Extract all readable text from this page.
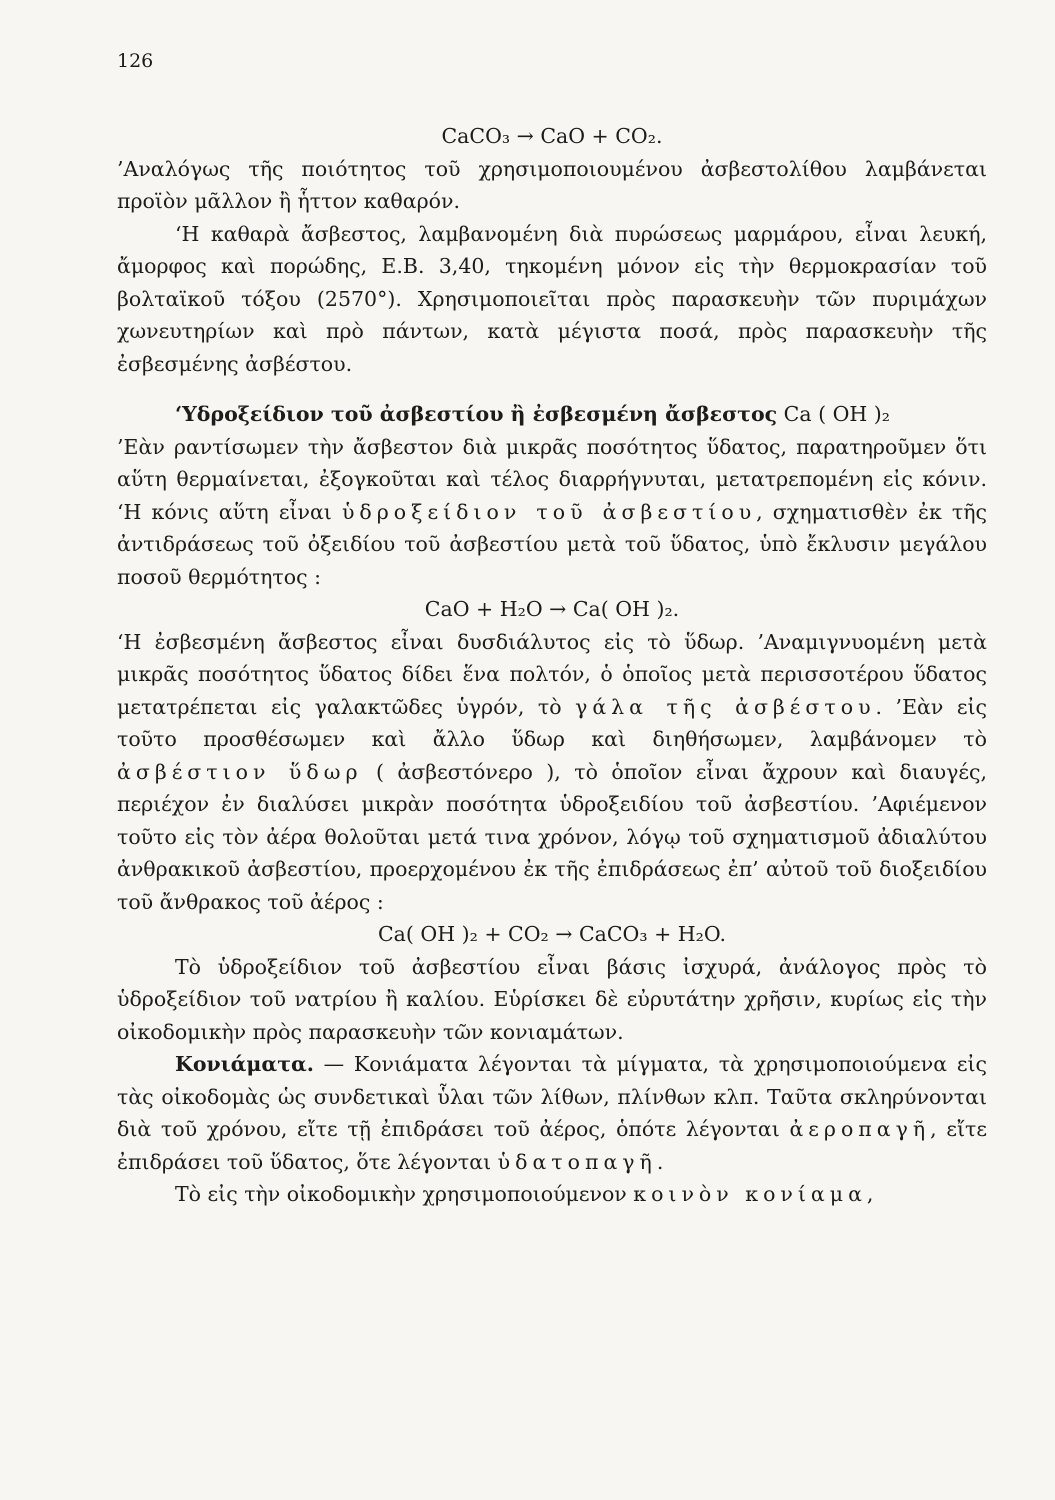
126

CaCO₃ → CaO + CO₂.

’Αναλόγως τῆς ποιότητος τοῦ χρησιμοποιουμένου ἀσβεστολίθου λαμβάνεται προϊὸν μᾶλλον ἢ ἧττον καθαρόν.

‘Η καθαρὰ ἄσβεστος, λαμβανομένη διὰ πυρώσεως μαρμάρου, εἶναι λευκή, ἄμορφος καὶ πορώδης, Ε.Β. 3,40, τηκομένη μόνον εἰς τὴν θερμοκρασίαν τοῦ βολταϊκοῦ τόξου (2570°). Χρησιμοποιεῖται πρὸς παρασκευὴν τῶν πυριμάχων χωνευτηρίων καὶ πρὸ πάντων, κατὰ μέγιστα ποσά, πρὸς παρασκευὴν τῆς ἐσβεσμένης ἀσβέστου.

‘Υδροξείδιον τοῦ ἀσβεστίου ἢ ἐσβεσμένη ἄσβεστος Ca ( OH )₂

’Εὰν ραντίσωμεν τὴν ἄσβεστον διὰ μικρᾶς ποσότητος ὕδατος, παρατηροῦμεν ὅτι αὕτη θερμαίνεται, ἐξογκοῦται καὶ τέλος διαρρήγνυται, μετατρεπομένη εἰς κόνιν. ‘Η κόνις αὕτη εἶναι ὑδροξείδιον τοῦ ἀσβεστίου, σχηματισθὲν ἐκ τῆς ἀντιδράσεως τοῦ ὀξειδίου τοῦ ἀσβεστίου μετὰ τοῦ ὕδατος, ὑπὸ ἔκλυσιν μεγάλου ποσοῦ θερμότητος :

CaO + H₂O → Ca( OH )₂.

‘Η ἐσβεσμένη ἄσβεστος εἶναι δυσδιάλυτος εἰς τὸ ὕδωρ. ’Αναμιγνυομένη μετὰ μικρᾶς ποσότητος ὕδατος δίδει ἕνα πολτόν, ὁ ὁποῖος μετὰ περισσοτέρου ὕδατος μετατρέπεται εἰς γαλακτῶδες ὑγρόν, τὸ γάλα τῆς ἀσβέστου. ’Εὰν εἰς τοῦτο προσθέσωμεν καὶ ἄλλο ὕδωρ καὶ διηθήσωμεν, λαμβάνομεν τὸ ἀσβέστιον ὕδωρ ( ἀσβεστόνερο ), τὸ ὁποῖον εἶναι ἄχρουν καὶ διαυγές, περιέχον ἐν διαλύσει μικρὰν ποσότητα ὑδροξειδίου τοῦ ἀσβεστίου. ’Αφιέμενον τοῦτο εἰς τὸν ἀέρα θολοῦται μετά τινα χρόνον, λόγῳ τοῦ σχηματισμοῦ ἀδιαλύτου ἀνθρακικοῦ ἀσβεστίου, προερχομένου ἐκ τῆς ἐπιδράσεως ἐπ’ αὐτοῦ τοῦ διοξειδίου τοῦ ἄνθρακος τοῦ ἀέρος :

Ca( OH )₂ + CO₂ → CaCO₃ + H₂O.

Τὸ ὑδροξείδιον τοῦ ἀσβεστίου εἶναι βάσις ἰσχυρά, ἀνάλογος πρὸς τὸ ὑδροξείδιον τοῦ νατρίου ἢ καλίου. Εὑρίσκει δὲ εὐρυτάτην χρῆσιν, κυρίως εἰς τὴν οἰκοδομικὴν πρὸς παρασκευὴν τῶν κονιαμάτων.

Κονιάματα. — Κονιάματα λέγονται τὰ μίγματα, τὰ χρησιμοποιούμενα εἰς τὰς οἰκοδομὰς ὡς συνδετικαὶ ὗλαι τῶν λίθων, πλίνθων κλπ. Ταῦτα σκληρύνονται διὰ τοῦ χρόνου, εἴτε τῇ ἐπιδράσει τοῦ ἀέρος, ὁπότε λέγονται ἀεροπαγῆ, εἴτε ἐπιδράσει τοῦ ὕδατος, ὅτε λέγονται ὑδατοπαγῆ.

Τὸ εἰς τὴν οἰκοδομικὴν χρησιμοποιούμενον κοινὸν κονίαμα,
